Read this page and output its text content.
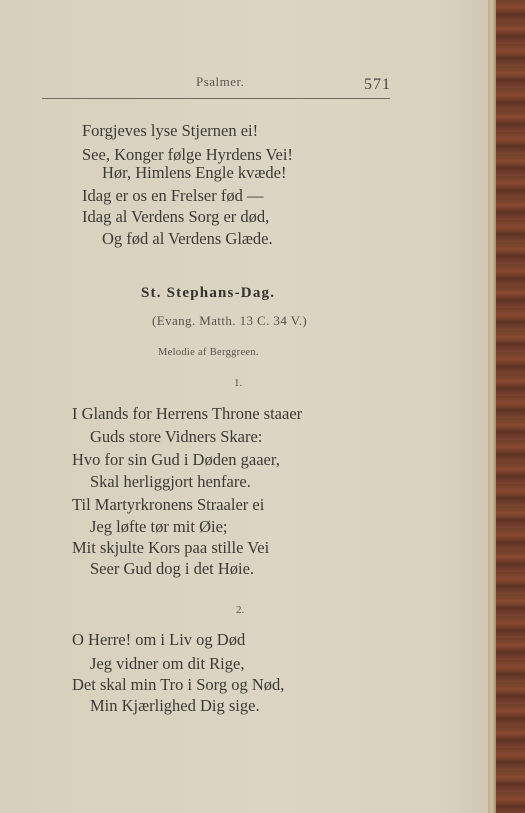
Psalmer.	571
Forgjeves lyse Stjernen ei!
See, Konger følge Hyrdens Vei!
Hør, Himlens Engle kvæde!
Idag er os en Frelser fød —
Idag al Verdens Sorg er død,
Og fød al Verdens Glæde.
St. Stephans-Dag.
(Evang. Matth. 13 C. 34 V.)
Melodie af Berggreen.
1.
I Glands for Herrens Throne staaer
Guds store Vidners Skare:
Hvo for sin Gud i Døden gaaer,
Skal herliggjort henfare.
Til Martyrkronens Straaler ei
Jeg løfte tør mit Øie;
Mit skjulte Kors paa stille Vei
Seer Gud dog i det Høie.
2.
O Herre! om i Liv og Død
Jeg vidner om dit Rige,
Det skal min Tro i Sorg og Nød,
Min Kjærlighed Dig sige.
